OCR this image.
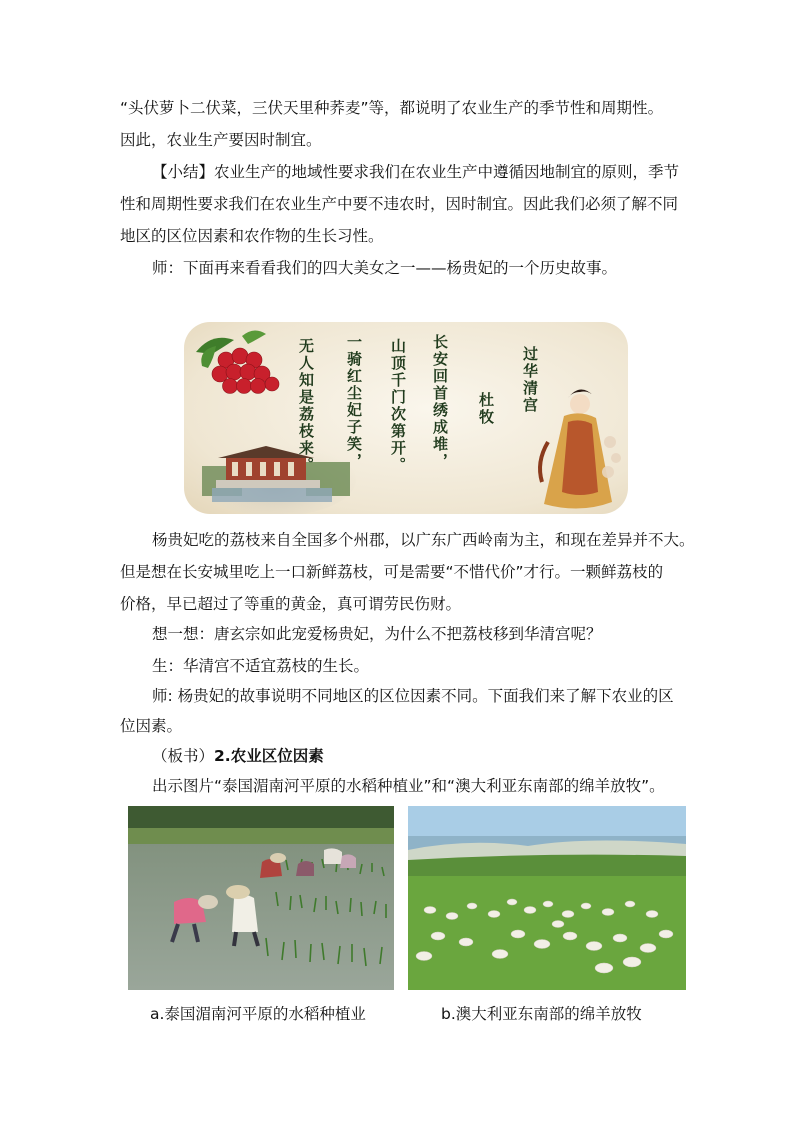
“头伏萝卜二伏菜，三伏天里种荞麦”等，都说明了农业生产的季节性和周期性。
因此，农业生产要因时制宜。
【小结】农业生产的地域性要求我们在农业生产中遵循因地制宜的原则，季节
性和周期性要求我们在农业生产中要不违农时，因时制宜。因此我们必须了解不同
地区的区位因素和农作物的生长习性。
师：下面再来看看我们的四大美女之一——杨贵妃的一个历史故事。
过华清宫
杜牧
长安回首绣成堆，
山顶千门次第开。
一骑红尘妃子笑，
无人知是荔枝来。
杨贵妃吃的荔枝来自全国多个州郡，以广东广西岭南为主，和现在差异并不大。
但是想在长安城里吃上一口新鲜荔枝，可是需要“不惜代价”才行。一颗鲜荔枝的
价格，早已超过了等重的黄金，真可谓劳民伤财。
想一想：唐玄宗如此宠爱杨贵妃，为什么不把荔枝移到华清宫呢？
生：华清宫不适宜荔枝的生长。
师: 杨贵妃的故事说明不同地区的区位因素不同。下面我们来了解下农业的区
位因素。
（板书）2.农业区位因素
出示图片“泰国湄南河平原的水稻种植业”和“澳大利亚东南部的绵羊放牧”。
a.泰国湄南河平原的水稻种植业	b.澳大利亚东南部的绵羊放牧
